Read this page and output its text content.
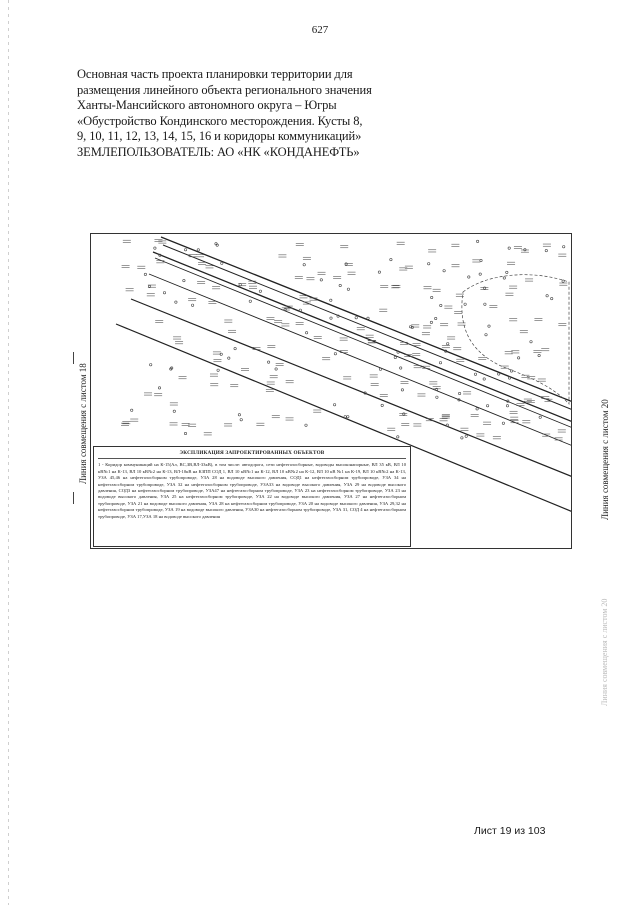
627
Основная часть проекта планировки территории для
размещения линейного объекта регионального значения
Ханты-Мансийского автономного округа – Югры
«Обустройство Кондинского месторождения. Кусты 8,
9, 10, 11, 12, 13, 14, 15, 16 и коридоры коммуникаций»
ЗЕМЛЕПОЛЬЗОВАТЕЛЬ: АО «НК «КОНДАНЕФТЬ»
ЭКСПЛИКАЦИЯ ЗАПРОЕКТИРОВАННЫХ ОБЪЕКТОВ
1 - Коридор коммуникаций на К-15(Ал, ВС,ЗВ,ВЛ-33кВ), в том числе: автодорога, сети нефтегазосборные, водоводы высоконапорные, ВЛ 35 кВ, ВЛ 10 кВ№1 на К-13, ВЛ 10 кВ№2 на К-13, ВЛ-10кВ на КЗПП СОД 1, ВЛ 10 кВ№1 на К-12, ВЛ 10 кВ№2 на К-12, ВЛ 10 кВ №1 на К-19, ВЛ 10 кВ№2 на К-13, УЗА 45,46 на нефтегазосборном трубопроводе, УЗА 28 на водоводе высокого давления, СОД1 на нефтегазосборном трубопроводе, УЗА 34 на нефтегазосборном трубопроводе, УЗА 32 на нефтегазосборном трубопроводе, УЗА33 на водоводе высокого давления, УЗА 29 на водоводе высокого давления, СОД3 на нефтегазосборном трубопроводе, УЗА47 на нефтегазосборном трубопроводе, УЗА 23 на нефтегазосборном трубопроводе, УЗА 23 на водоводе высокого давления, УЗА 25 на нефтегазосборном трубопроводе, УЗА 22 на водоводе высокого давления, УЗА 27 на нефтегазосборном трубопроводе, УЗА 21 на водоводе высокого давления, УЗА 28 на нефтегазосборном трубопроводе, УЗА 20 на водоводе высокого давления, УЗА 29,32 на нефтегазосборном трубопроводе, УЗА 19 на водоводе высокого давления, УЗА30 на нефтегазосборном трубопроводе, УЗА 31, СОД 4 на нефтегазосборном трубопроводе, УЗА 17,УЗА 18 на водоводе высокого давления
Линия совмещения с листом 18	Линия совмещения с листом 20
Линия совмещения с листом 20
Лист 19 из 103
